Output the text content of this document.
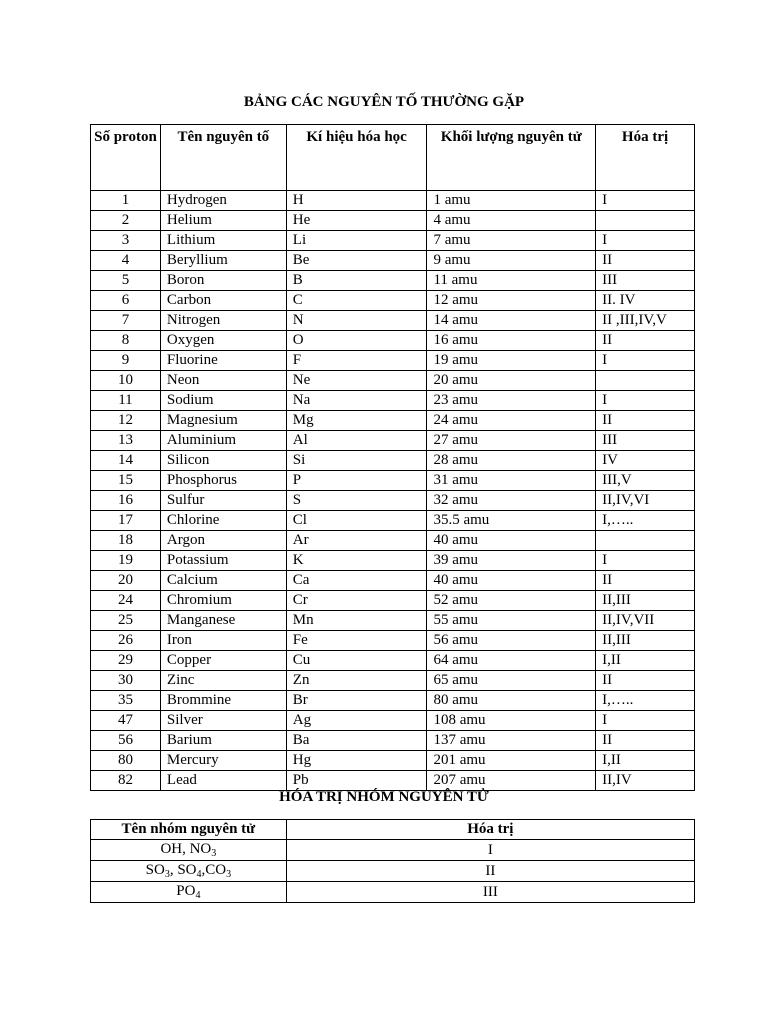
BẢNG CÁC NGUYÊN TỐ THƯỜNG GẶP
Số proton	Tên nguyên tố	Kí hiệu hóa học	Khối lượng nguyên tử	Hóa trị
1	Hydrogen	H	1 amu	I
2	Helium	He	4 amu	
3	Lithium	Li	7 amu	I
4	Beryllium	Be	9 amu	II
5	Boron	B	11 amu	III
6	Carbon	C	12 amu	II. IV
7	Nitrogen	N	14 amu	II ,III,IV,V
8	Oxygen	O	16 amu	II
9	Fluorine	F	19 amu	I
10	Neon	Ne	20 amu	
11	Sodium	Na	23 amu	I
12	Magnesium	Mg	24 amu	II
13	Aluminium	Al	27 amu	III
14	Silicon	Si	28 amu	IV
15	Phosphorus	P	31 amu	III,V
16	Sulfur	S	32 amu	II,IV,VI
17	Chlorine	Cl	35.5 amu	I,…..
18	Argon	Ar	40 amu	
19	Potassium	K	39 amu	I
20	Calcium	Ca	40 amu	II
24	Chromium	Cr	52 amu	II,III
25	Manganese	Mn	55 amu	II,IV,VII
26	Iron	Fe	56 amu	II,III
29	Copper	Cu	64 amu	I,II
30	Zinc	Zn	65 amu	II
35	Brommine	Br	80 amu	I,…..
47	Silver	Ag	108 amu	I
56	Barium	Ba	137 amu	II
80	Mercury	Hg	201 amu	I,II
82	Lead	Pb	207 amu	II,IV
HÓA TRỊ NHÓM NGUYÊN TỬ
Tên nhóm nguyên tử	Hóa trị
OH, $NO_3$	I
$SO_3$, $SO_4,CO_3$	II
$PO_4$	III
